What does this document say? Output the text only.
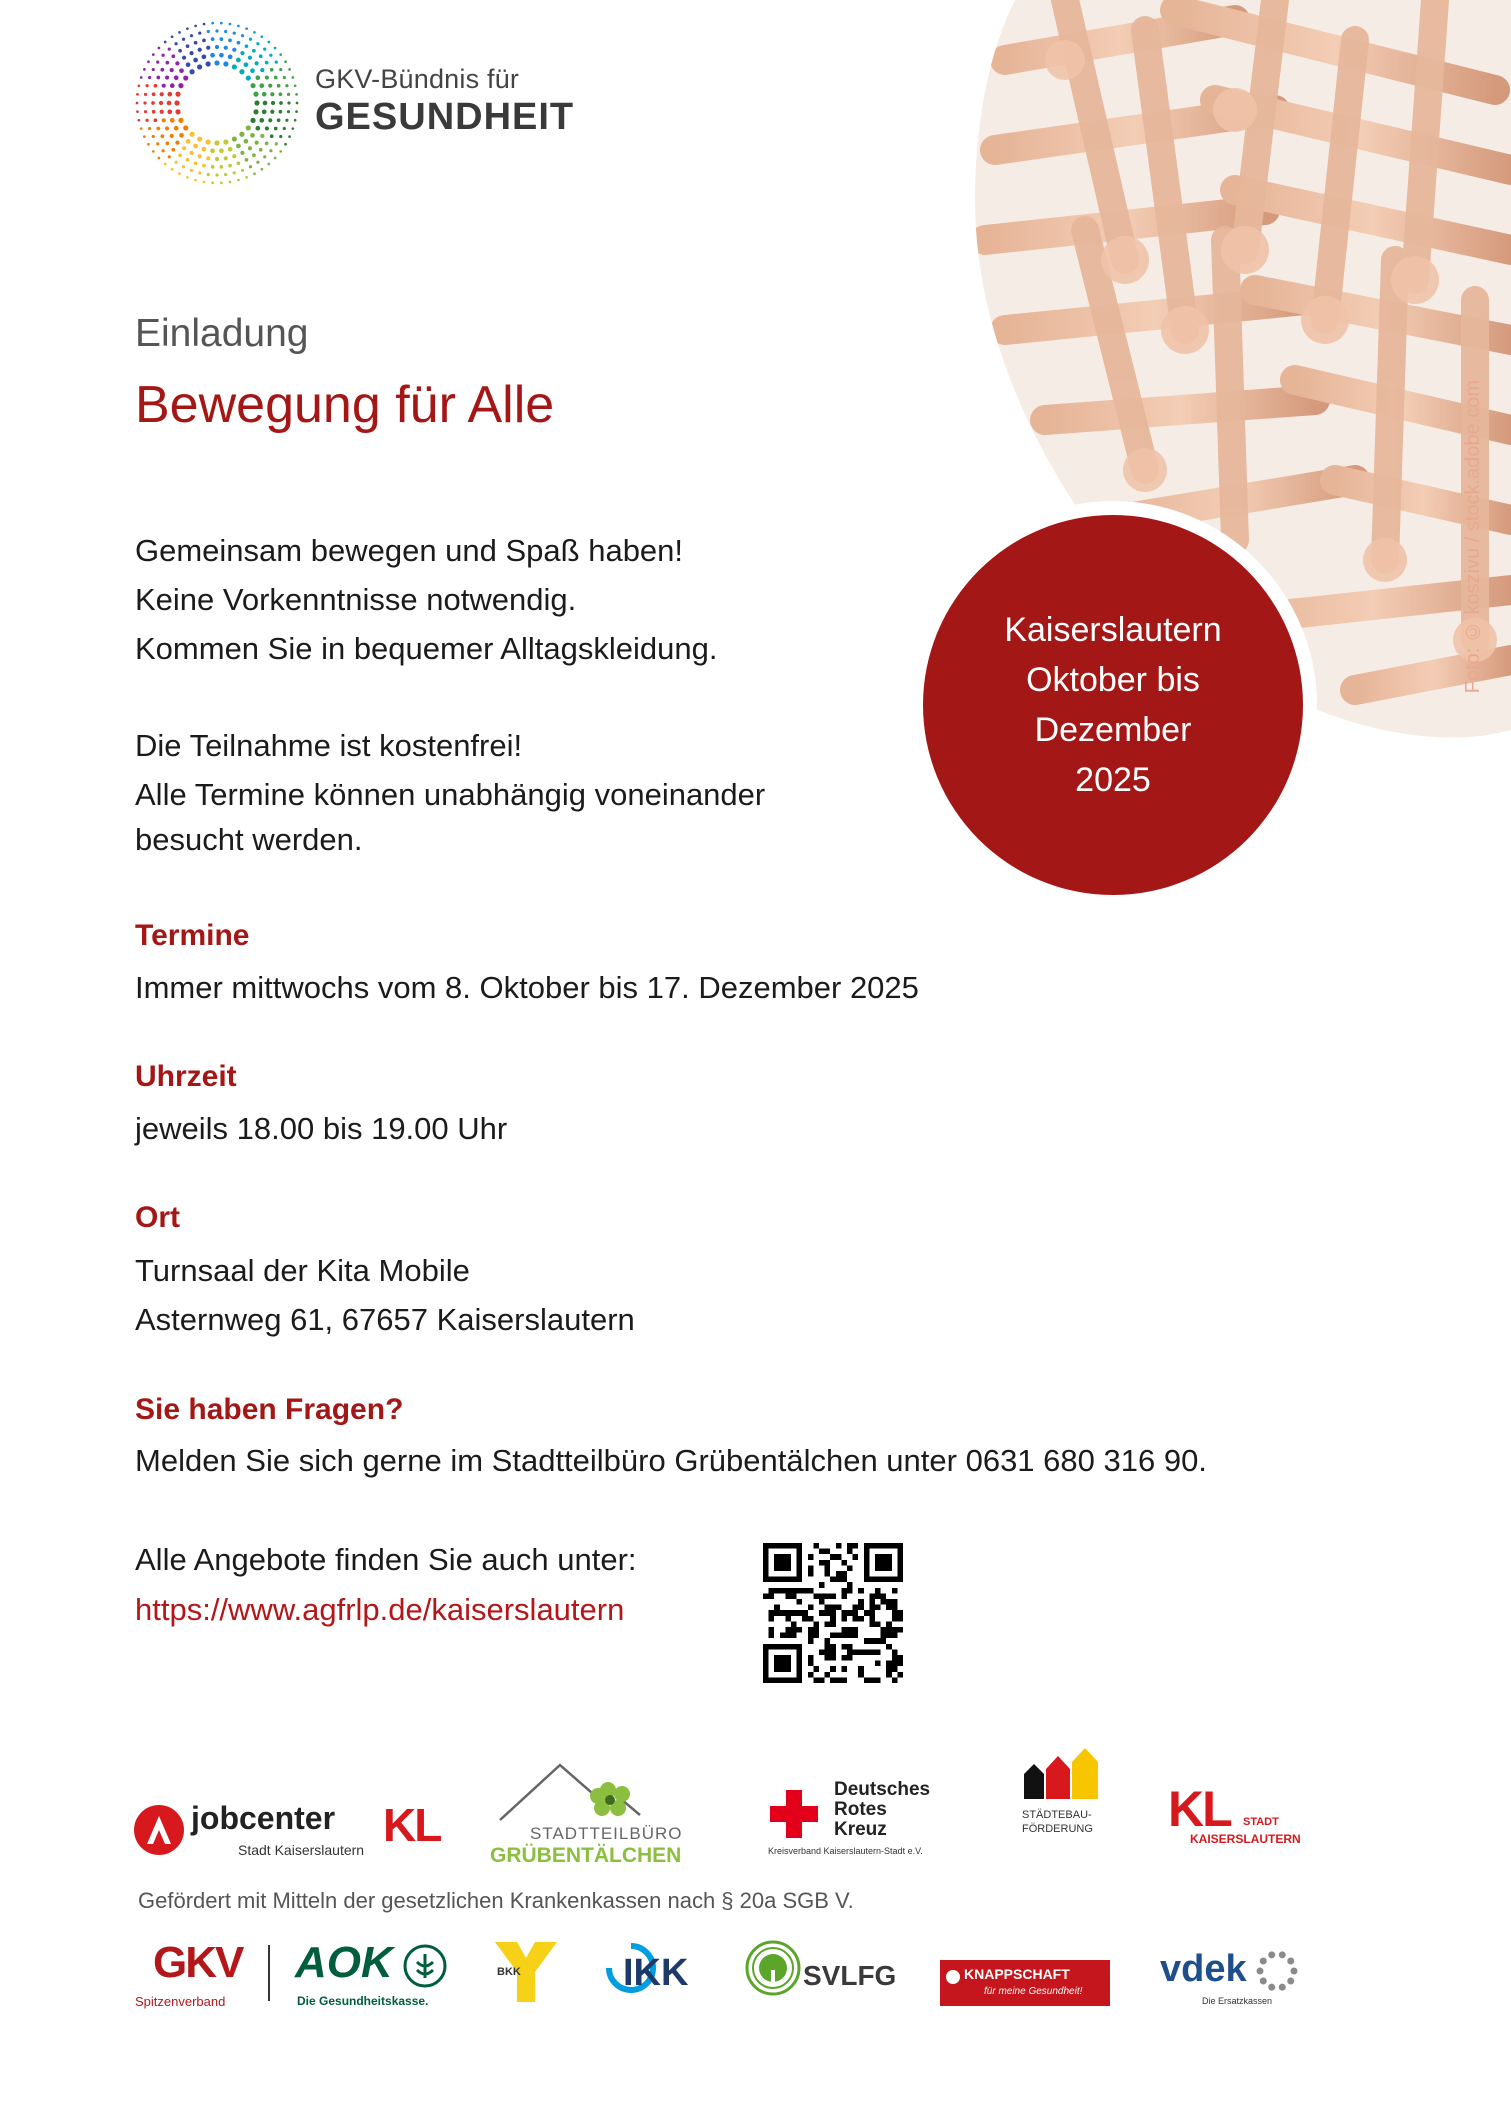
GKV-Bündnis für
GESUNDHEIT
Foto: © koszivu / stock.adobe.com
Kaiserslautern
Oktober bis
Dezember
2025
Einladung
Bewegung für Alle
Gemeinsam bewegen und Spaß haben!
Keine Vorkenntnisse notwendig.
Kommen Sie in bequemer Alltagskleidung.
Die Teilnahme ist kostenfrei!
Alle Termine können unabhängig voneinander
besucht werden.
Termine
Immer mittwochs vom 8. Oktober bis 17. Dezember 2025
Uhrzeit
jeweils 18.00 bis 19.00 Uhr
Ort
Turnsaal der Kita Mobile
Asternweg 61, 67657 Kaiserslautern
Sie haben Fragen?
Melden Sie sich gerne im Stadtteilbüro Grübentälchen unter 0631 680 316 90.
Alle Angebote finden Sie auch unter:
https://www.agfrlp.de/kaiserslautern
jobcenter
Stadt Kaiserslautern KL	STADTTEILBÜRO
GRÜBENTÄLCHEN
Deutsches
Rotes
Kreuz
Kreisverband Kaiserslautern-Stadt e.V.
STÄDTEBAU-
FÖRDERUNG KL STADT
KAISERSLAUTERN
Gefördert mit Mitteln der gesetzlichen Krankenkassen nach § 20a SGB V.
GKV
Spitzenverband
AOK
Die Gesundheitskasse.
BKK	IKK	SVLFG	KNAPPSCHAFT
für meine Gesundheit!
vdek
Die Ersatzkassen
